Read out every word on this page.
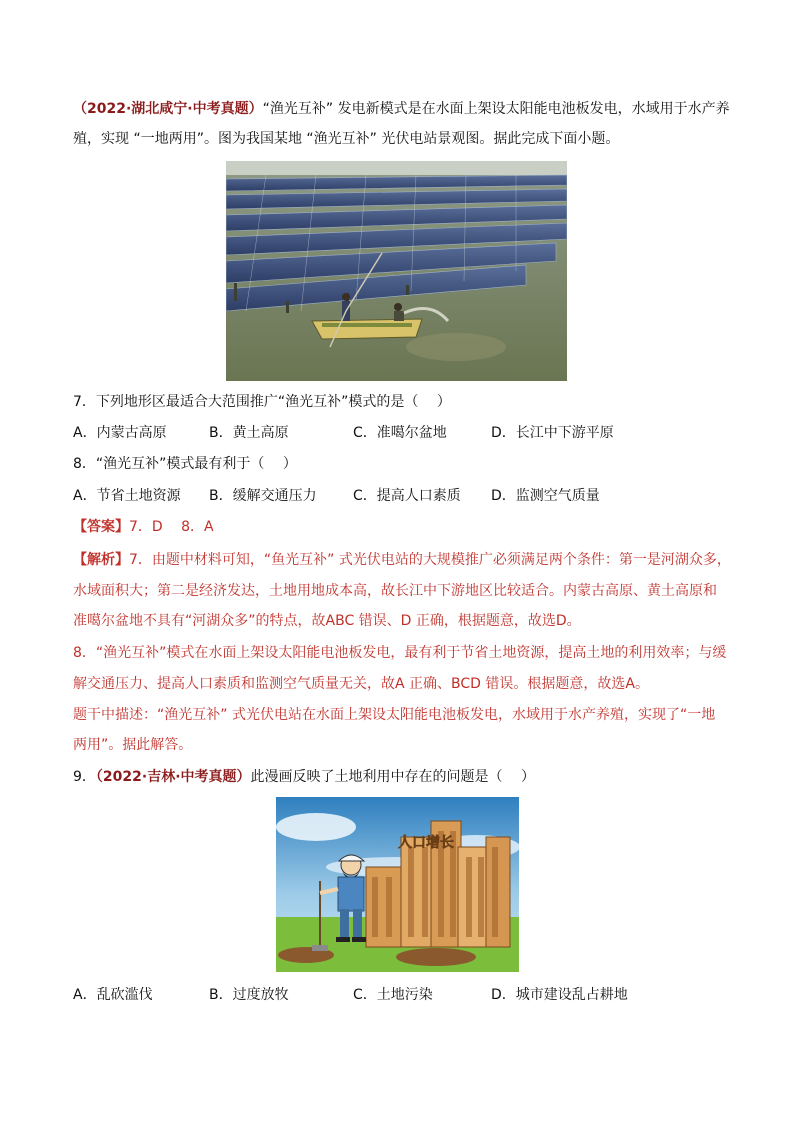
（2022·湖北咸宁·中考真题）“渔光互补” 发电新模式是在水面上架设太阳能电池板发电，水域用于水产养
殖，实现 “一地两用”。图为我国某地 “渔光互补” 光伏电站景观图。据此完成下面小题。
7．下列地形区最适合大范围推广“渔光互补”模式的是（　 ）
A．内蒙古高原	B．黄土高原	C．准噶尔盆地	D．长江中下游平原
8．“渔光互补”模式最有利于（　 ）
A．节省土地资源 B．缓解交通压力	C．提高人口素质 D．监测空气质量
【答案】7．D　 8．A
【解析】7．由题中材料可知，“鱼光互补” 式光伏电站的大规模推广必须满足两个条件：第一是河湖众多，
水域面积大；第二是经济发达，土地用地成本高，故长江中下游地区比较适合。内蒙古高原、黄土高原和
准噶尔盆地不具有“河湖众多”的特点，故ABC 错误、D 正确，根据题意，故选D。
8．“渔光互补”模式在水面上架设太阳能电池板发电，最有利于节省土地资源，提高土地的利用效率；与缓
解交通压力、提高人口素质和监测空气质量无关，故A 正确、BCD 错误。根据题意，故选A。
题干中描述：“渔光互补” 式光伏电站在水面上架设太阳能电池板发电，水域用于水产养殖，实现了“一地
两用”。据此解答。
9．（2022·吉林·中考真题）此漫画反映了土地利用中存在的问题是（　 ）
人口增长
A．乱砍滥伐	B．过度放牧	C．土地污染	D．城市建设乱占耕地
